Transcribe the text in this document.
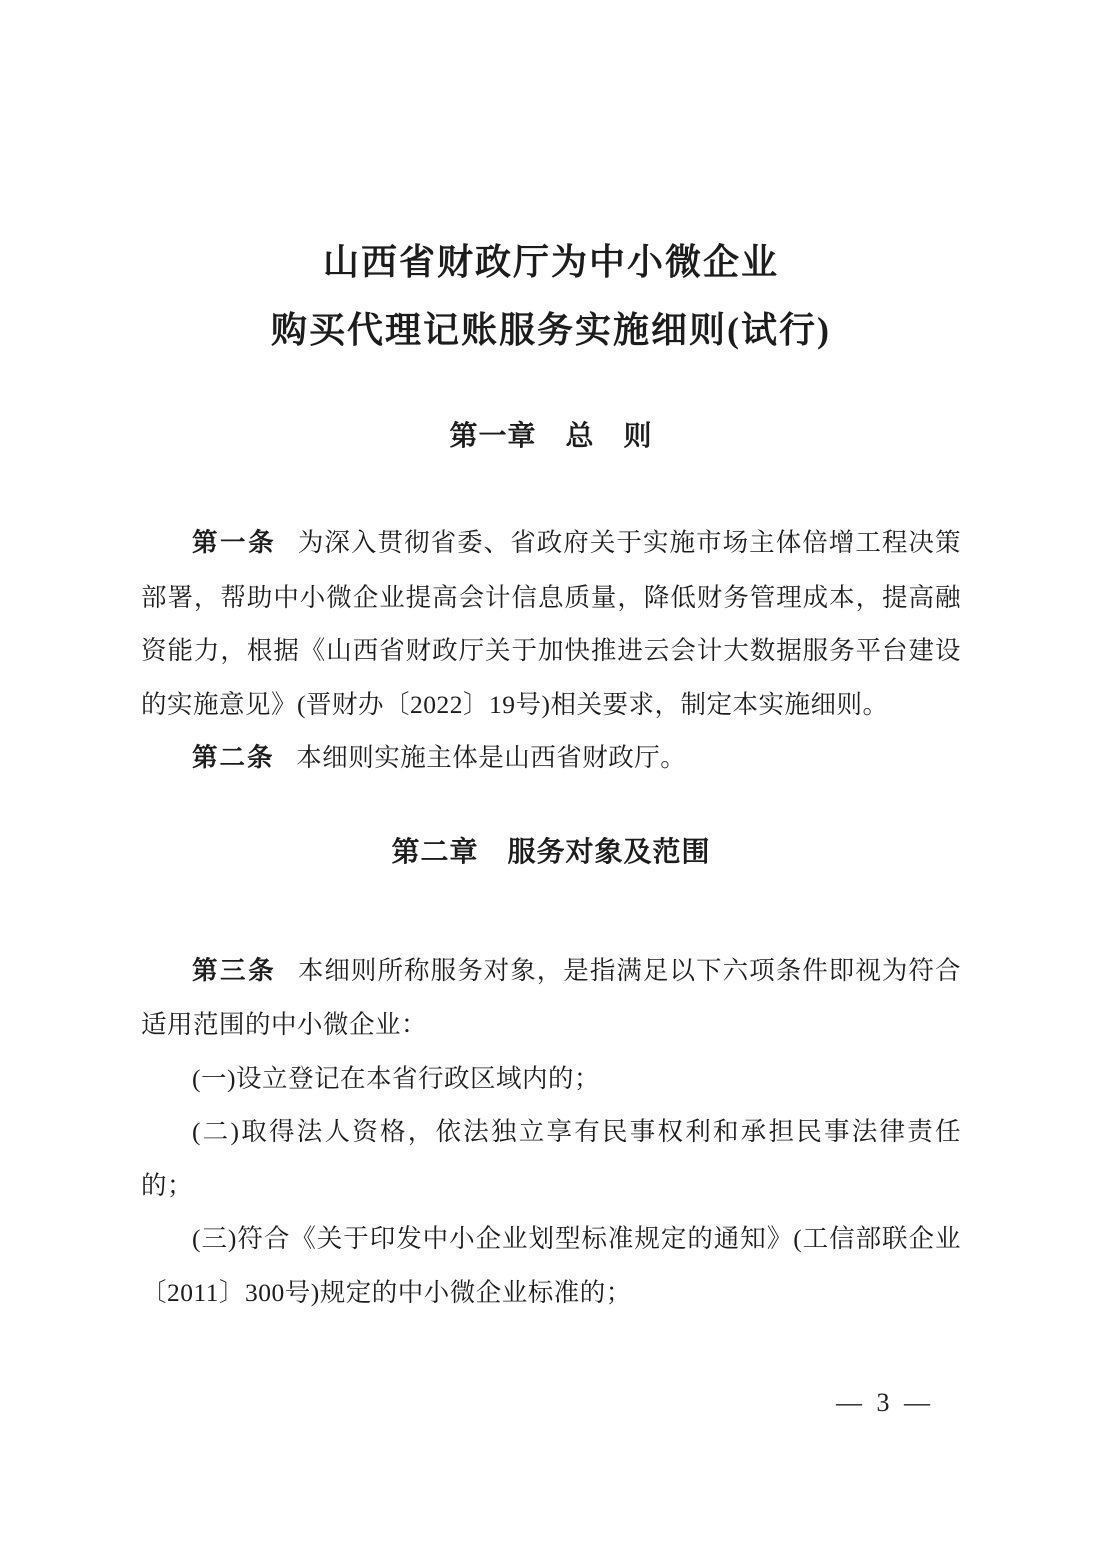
山西省财政厅为中小微企业
购买代理记账服务实施细则(试行)
第一章　总　则

第一条 为深入贯彻省委、省政府关于实施市场主体倍增工程决策部署，帮助中小微企业提高会计信息质量，降低财务管理成本，提高融资能力，根据《山西省财政厅关于加快推进云会计大数据服务平台建设的实施意见》(晋财办〔2022〕19号)相关要求，制定本实施细则。

第二条 本细则实施主体是山西省财政厅。

第二章　服务对象及范围

第三条 本细则所称服务对象，是指满足以下六项条件即视为符合适用范围的中小微企业：

(一)设立登记在本省行政区域内的；

(二)取得法人资格，依法独立享有民事权利和承担民事法律责任的；

(三)符合《关于印发中小企业划型标准规定的通知》(工信部联企业〔2011〕300号)规定的中小微企业标准的；

— 3 —
